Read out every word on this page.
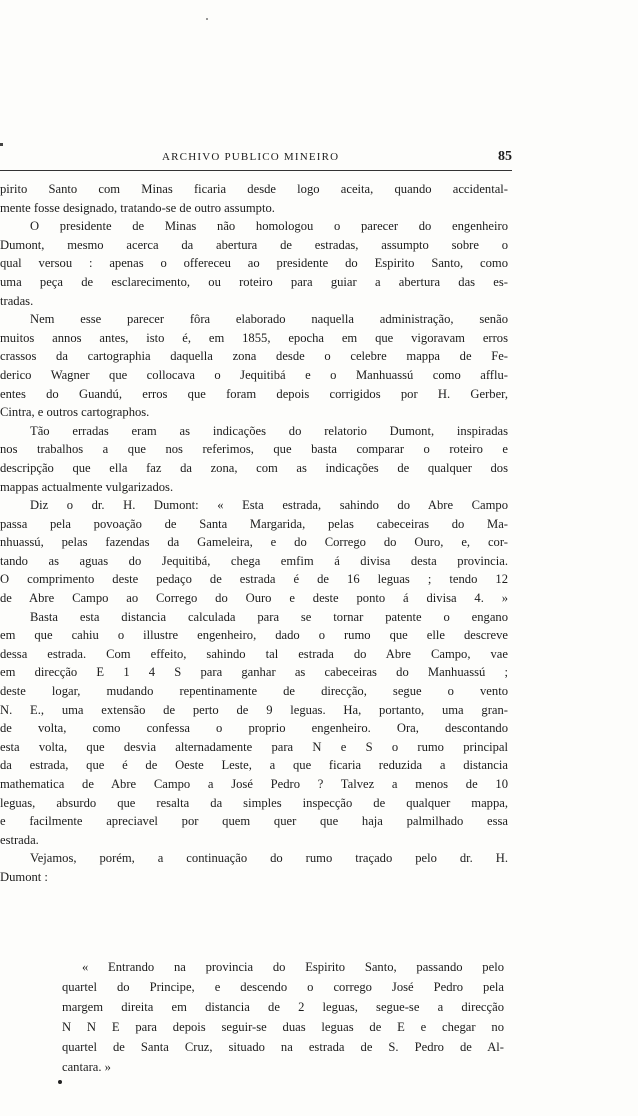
ARCHIVO PUBLICO MINEIRO	85
pirito Santo com Minas ficaria desde logo aceita, quando accidental-
mente fosse designado, tratando-se de outro assumpto.
O presidente de Minas não homologou o parecer do engenheiro
Dumont, mesmo acerca da abertura de estradas, assumpto sobre o
qual versou : apenas o offereceu ao presidente do Espirito Santo, como
uma peça de esclarecimento, ou roteiro para guiar a abertura das es-
tradas.
Nem esse parecer fôra elaborado naquella administração, senão
muitos annos antes, isto é, em 1855, epocha em que vigoravam erros
crassos da cartographia daquella zona desde o celebre mappa de Fe-
derico Wagner que collocava o Jequitibá e o Manhuassú como afflu-
entes do Guandú, erros que foram depois corrigidos por H. Gerber,
Cintra, e outros cartographos.
Tão erradas eram as indicações do relatorio Dumont, inspiradas
nos trabalhos a que nos referimos, que basta comparar o roteiro e
descripção que ella faz da zona, com as indicações de qualquer dos
mappas actualmente vulgarizados.
Diz o dr. H. Dumont: « Esta estrada, sahindo do Abre Campo
passa pela povoação de Santa Margarida, pelas cabeceiras do Ma-
nhuassú, pelas fazendas da Gameleira, e do Corrego do Ouro, e, cor-
tando as aguas do Jequitibá, chega emfim á divisa desta provincia.
O comprimento deste pedaço de estrada é de 16 leguas ; tendo 12
de Abre Campo ao Corrego do Ouro e deste ponto á divisa 4. »
Basta esta distancia calculada para se tornar patente o engano
em que cahiu o illustre engenheiro, dado o rumo que elle descreve
dessa estrada. Com effeito, sahindo tal estrada do Abre Campo, vae
em direcção E 1 4 S para ganhar as cabeceiras do Manhuassú ;
deste logar, mudando repentinamente de direcção, segue o vento
N. E., uma extensão de perto de 9 leguas. Ha, portanto, uma gran-
de volta, como confessa o proprio engenheiro. Ora, descontando
esta volta, que desvia alternadamente para N e S o rumo principal
da estrada, que é de Oeste Leste, a que ficaria reduzida a distancia
mathematica de Abre Campo a José Pedro ? Talvez a menos de 10
leguas, absurdo que resalta da simples inspecção de qualquer mappa,
e facilmente apreciavel por quem quer que haja palmilhado essa
estrada.
Vejamos, porém, a continuação do rumo traçado pelo dr. H.
Dumont :
« Entrando na provincia do Espirito Santo, passando pelo
quartel do Principe, e descendo o corrego José Pedro pela
margem direita em distancia de 2 leguas, segue-se a direcção
N N E para depois seguir-se duas leguas de E e chegar no
quartel de Santa Cruz, situado na estrada de S. Pedro de Al-
cantara. »
